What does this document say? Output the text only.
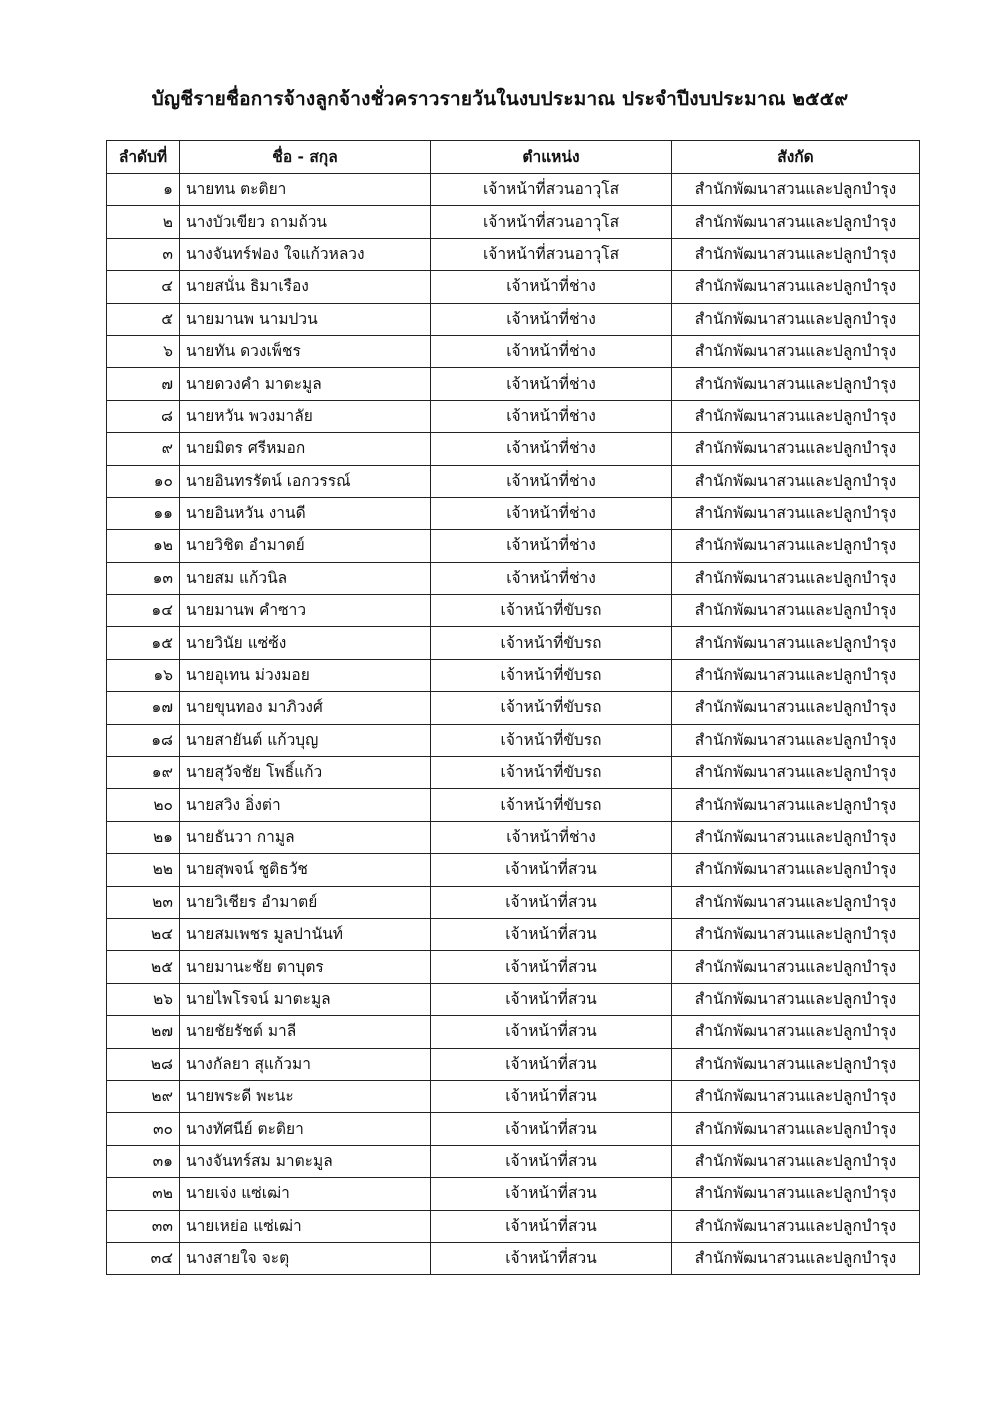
บัญชีรายชื่อการจ้างลูกจ้างชั่วคราวรายวันในงบประมาณ ประจำปีงบประมาณ ๒๕๕๙
ลำดับที่	ชื่อ - สกุล	ตำแหน่ง	สังกัด
๑	นายทน ตะติยา	เจ้าหน้าที่สวนอาวุโส	สำนักพัฒนาสวนและปลูกบำรุง
๒	นางบัวเขียว ถามถ้วน	เจ้าหน้าที่สวนอาวุโส	สำนักพัฒนาสวนและปลูกบำรุง
๓	นางจันทร์ฟอง ใจแก้วหลวง	เจ้าหน้าที่สวนอาวุโส	สำนักพัฒนาสวนและปลูกบำรุง
๔	นายสนั่น ธิมาเรือง	เจ้าหน้าที่ช่าง	สำนักพัฒนาสวนและปลูกบำรุง
๕	นายมานพ นามปวน	เจ้าหน้าที่ช่าง	สำนักพัฒนาสวนและปลูกบำรุง
๖	นายทัน ดวงเพ็ชร	เจ้าหน้าที่ช่าง	สำนักพัฒนาสวนและปลูกบำรุง
๗	นายดวงคำ มาตะมูล	เจ้าหน้าที่ช่าง	สำนักพัฒนาสวนและปลูกบำรุง
๘	นายหวัน พวงมาลัย	เจ้าหน้าที่ช่าง	สำนักพัฒนาสวนและปลูกบำรุง
๙	นายมิตร ศรีหมอก	เจ้าหน้าที่ช่าง	สำนักพัฒนาสวนและปลูกบำรุง
๑๐	นายอินทรรัตน์ เอกวรรณ์	เจ้าหน้าที่ช่าง	สำนักพัฒนาสวนและปลูกบำรุง
๑๑	นายอินหวัน งานดี	เจ้าหน้าที่ช่าง	สำนักพัฒนาสวนและปลูกบำรุง
๑๒	นายวิชิต อำมาตย์	เจ้าหน้าที่ช่าง	สำนักพัฒนาสวนและปลูกบำรุง
๑๓	นายสม แก้วนิล	เจ้าหน้าที่ช่าง	สำนักพัฒนาสวนและปลูกบำรุง
๑๔	นายมานพ คำซาว	เจ้าหน้าที่ขับรถ	สำนักพัฒนาสวนและปลูกบำรุง
๑๕	นายวินัย แซ่ซ้ง	เจ้าหน้าที่ขับรถ	สำนักพัฒนาสวนและปลูกบำรุง
๑๖	นายอุเทน ม่วงมอย	เจ้าหน้าที่ขับรถ	สำนักพัฒนาสวนและปลูกบำรุง
๑๗	นายขุนทอง มาภิวงศ์	เจ้าหน้าที่ขับรถ	สำนักพัฒนาสวนและปลูกบำรุง
๑๘	นายสายันต์ แก้วบุญ	เจ้าหน้าที่ขับรถ	สำนักพัฒนาสวนและปลูกบำรุง
๑๙	นายสุวัจชัย โพธิ์แก้ว	เจ้าหน้าที่ขับรถ	สำนักพัฒนาสวนและปลูกบำรุง
๒๐	นายสวิง อิ่งต่า	เจ้าหน้าที่ขับรถ	สำนักพัฒนาสวนและปลูกบำรุง
๒๑	นายธันวา กามูล	เจ้าหน้าที่ช่าง	สำนักพัฒนาสวนและปลูกบำรุง
๒๒	นายสุพจน์ ชูติธวัช	เจ้าหน้าที่สวน	สำนักพัฒนาสวนและปลูกบำรุง
๒๓	นายวิเชียร อำมาตย์	เจ้าหน้าที่สวน	สำนักพัฒนาสวนและปลูกบำรุง
๒๔	นายสมเพชร มูลปานันท์	เจ้าหน้าที่สวน	สำนักพัฒนาสวนและปลูกบำรุง
๒๕	นายมานะชัย ตาบุตร	เจ้าหน้าที่สวน	สำนักพัฒนาสวนและปลูกบำรุง
๒๖	นายไพโรจน์ มาตะมูล	เจ้าหน้าที่สวน	สำนักพัฒนาสวนและปลูกบำรุง
๒๗	นายชัยรัชต์ มาลี	เจ้าหน้าที่สวน	สำนักพัฒนาสวนและปลูกบำรุง
๒๘	นางกัลยา สุแก้วมา	เจ้าหน้าที่สวน	สำนักพัฒนาสวนและปลูกบำรุง
๒๙	นายพระดี พะนะ	เจ้าหน้าที่สวน	สำนักพัฒนาสวนและปลูกบำรุง
๓๐	นางทัศนีย์ ตะติยา	เจ้าหน้าที่สวน	สำนักพัฒนาสวนและปลูกบำรุง
๓๑	นางจันทร์สม มาตะมูล	เจ้าหน้าที่สวน	สำนักพัฒนาสวนและปลูกบำรุง
๓๒	นายเจ่ง แซ่เฒ่า	เจ้าหน้าที่สวน	สำนักพัฒนาสวนและปลูกบำรุง
๓๓	นายเหย่อ แซ่เฒ่า	เจ้าหน้าที่สวน	สำนักพัฒนาสวนและปลูกบำรุง
๓๔	นางสายใจ จะตุ	เจ้าหน้าที่สวน	สำนักพัฒนาสวนและปลูกบำรุง
